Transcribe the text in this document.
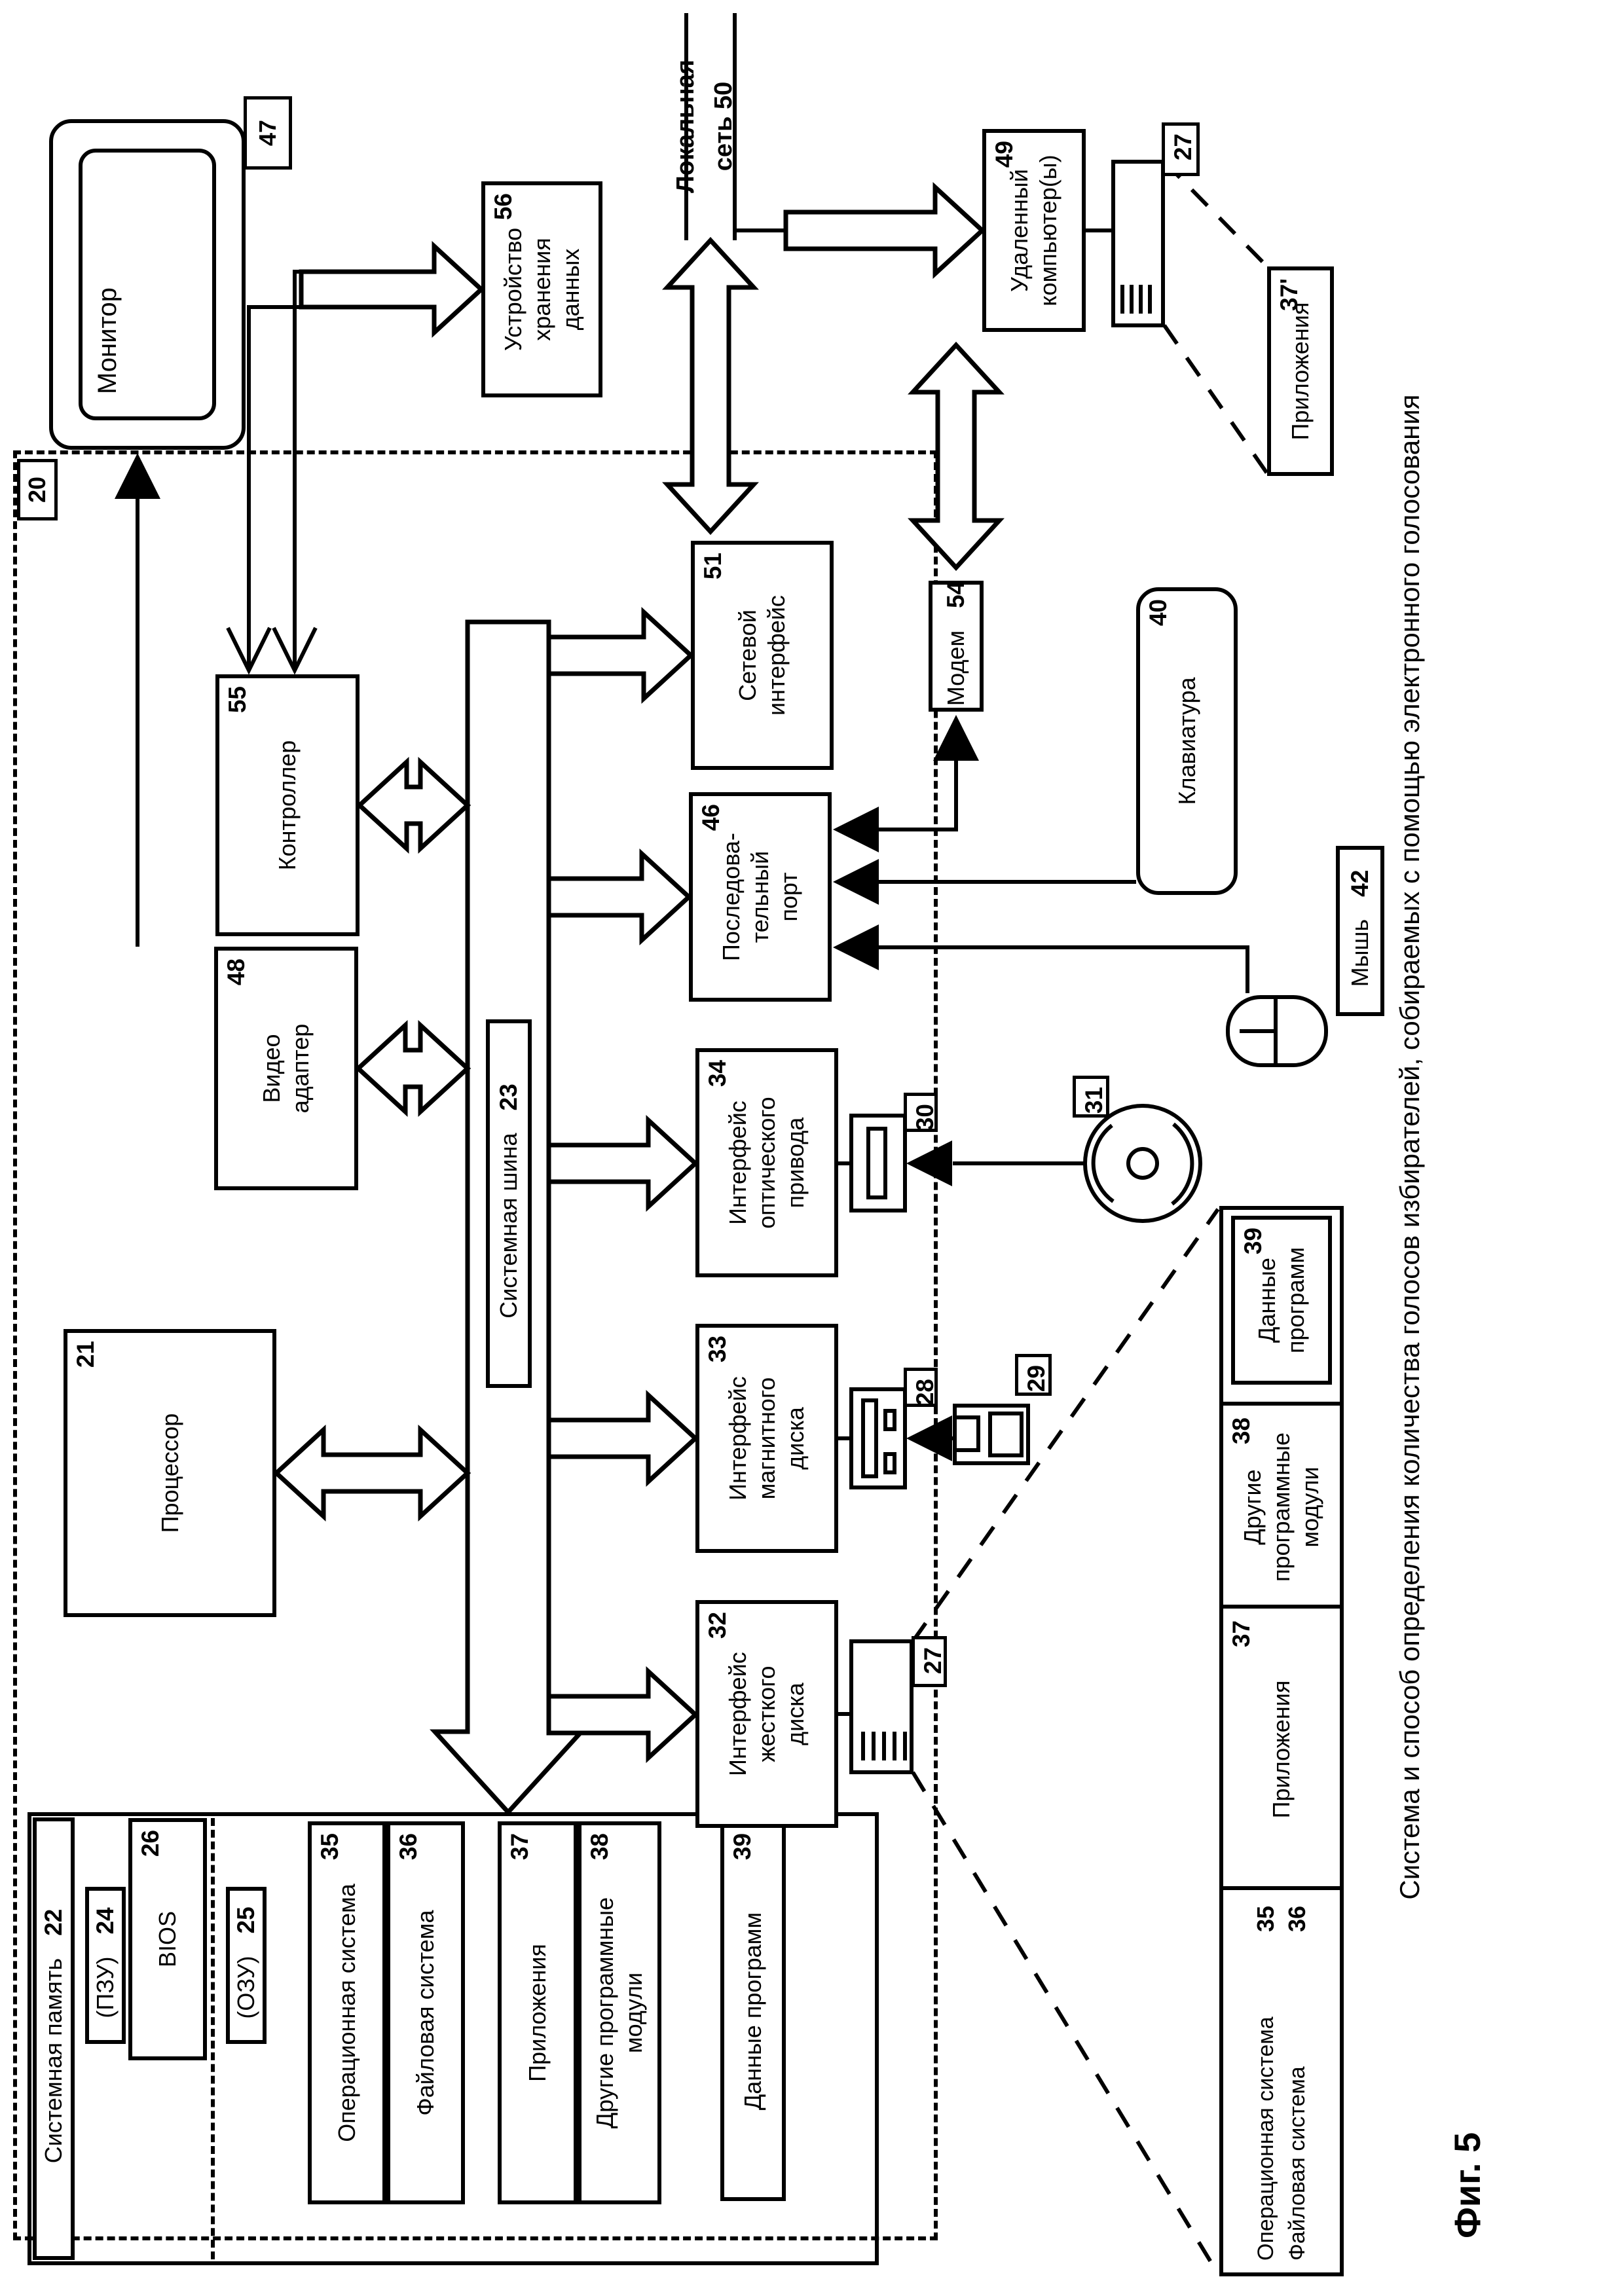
20
Монитор
47	Локальная сеть 50
Операционная система
35
Файловая система
36
Система и способ определения количества голосов избирателей, собираемых с помощью электронного голосования
Фиг. 5
Контроллер
55
Видео адаптер
48
Процессор
21
Устройство хранения данных
56	Удаленный компьютер(ы)
49	27
Приложения
37'
Системная шина
23
Системная память
22
(ПЗУ)
24 BIOS
26
(ОЗУ)
25	Операционная система
35
Файловая система
36
Приложения
37
Другие программные модули
38
Данные программ
39
Сетевой интерфейс
51
Последова- тельный порт
46
Интерфейс оптического привода
34
Интерфейс магнитного диска
33
Интерфейс жесткого диска
32
Модем
54
Клавиатура
40
Мышь
42
30
28
27
29
31
Приложения
37
Другие программные модули
38
Данные программ
39
